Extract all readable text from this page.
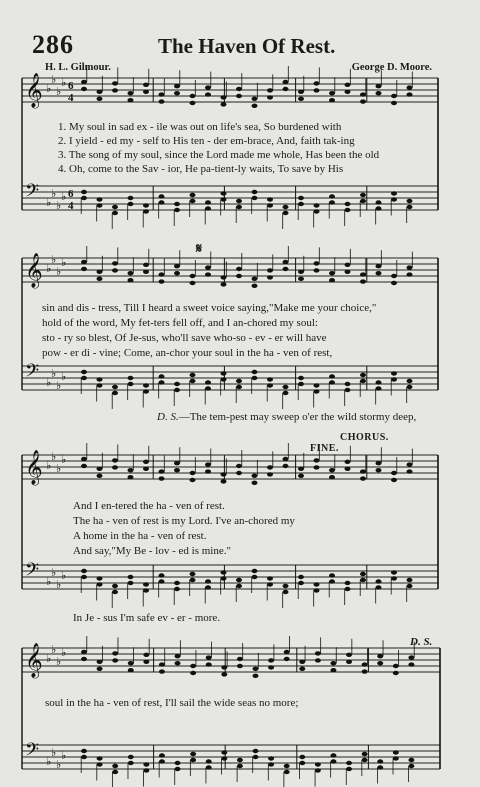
286	The Haven Of Rest.
H. L. Gilmour.	George D. Moore.
𝄞 ♭
♭
♭
♭ 6
4
𝄢 ♭
♭
♭
♭ 6
4
𝄞 ♭
♭
♭
♭
𝄢 ♭
♭
♭
♭
𝄞 ♭
♭
♭
♭
𝄢 ♭
♭
♭
♭
𝄞 ♭
♭
♭
♭
𝄢 ♭
♭
♭
♭
1. My soul in sad ex - ile was out on life's sea, So burdened with
2. I yield - ed my - self to His ten - der em-brace, And, faith tak-ing
3. The song of my soul, since the Lord made me whole, Has been the old
4. Oh, come to the Sav - ior, He pa-tient-ly waits, To save by His
𝄋
sin and dis - tress, Till I heard a sweet voice saying,"Make me your choice,"
hold of the word, My fet-ters fell off, and I an-chored my soul:
sto - ry so blest, Of Je-sus, who'll save who-so - ev - er will have
pow - er di - vine; Come, an-chor your soul in the ha - ven of rest,
D. S.—The tem-pest may sweep o'er the wild stormy deep,
FINE.
CHORUS.
And I en-tered the ha - ven of rest.
The ha - ven of rest is my Lord. I've an-chored my
A home in the ha - ven of rest.
And say,"My Be - lov - ed is mine."
In Je - sus I'm safe ev - er - more.
D. S.
soul in the ha - ven of rest, I'll sail the wide seas no more;
